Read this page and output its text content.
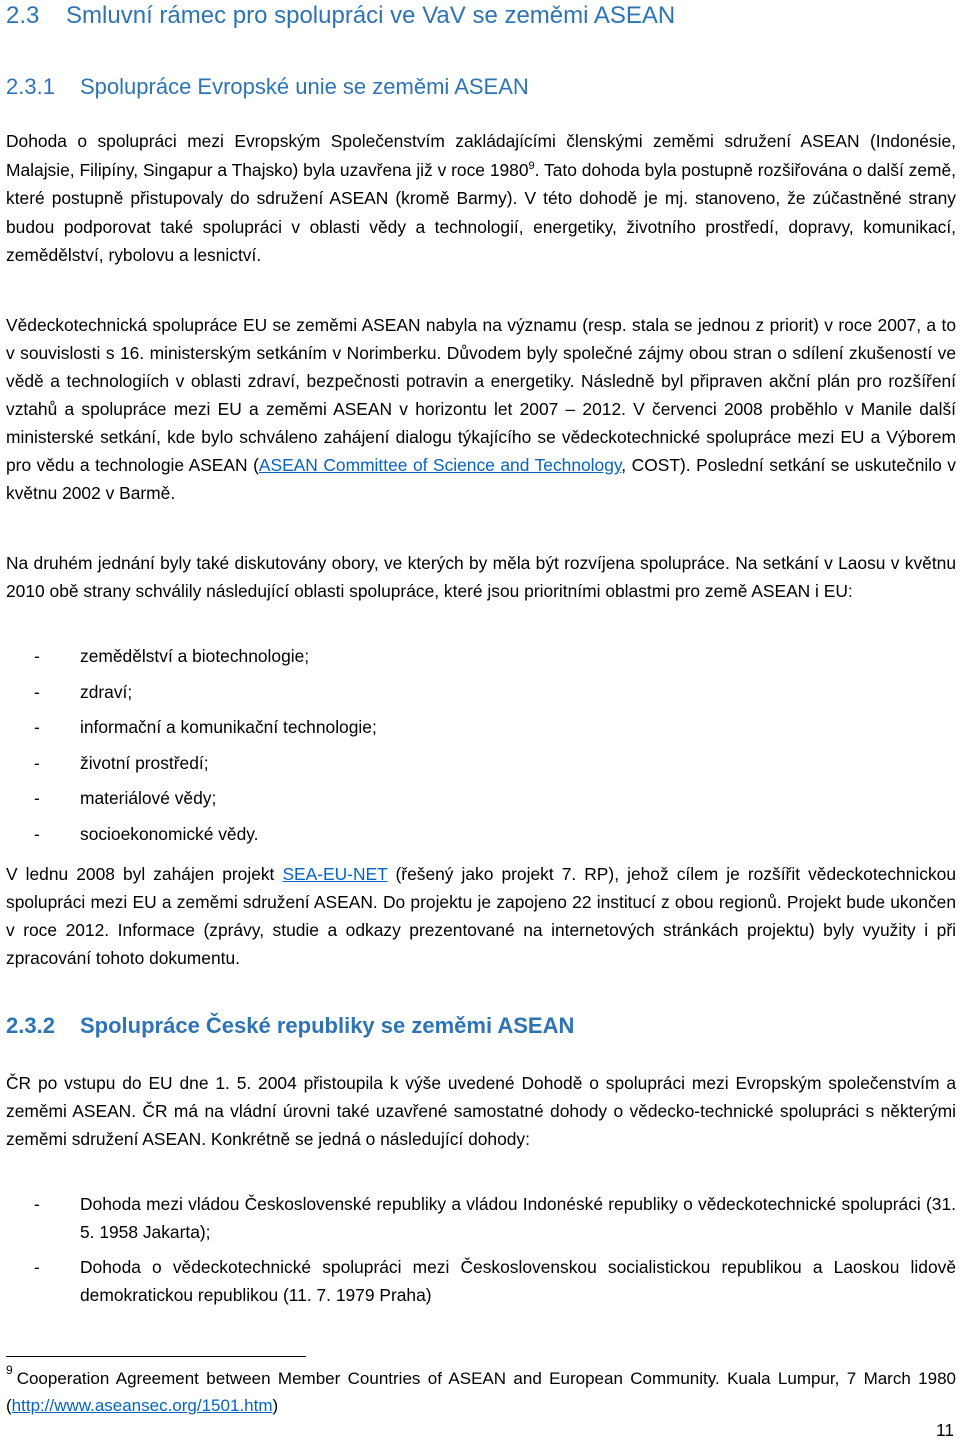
2.3 Smluvní rámec pro spolupráci ve VaV se zeměmi ASEAN
2.3.1 Spolupráce Evropské unie se zeměmi ASEAN

Dohoda o spolupráci mezi Evropským Společenstvím zakládajícími členskými zeměmi sdružení ASEAN (Indonésie, Malajsie, Filipíny, Singapur a Thajsko) byla uzavřena již v roce 1980$^9$. Tato dohoda byla postupně rozšiřována o další země, které postupně přistupovaly do sdružení ASEAN (kromě Barmy). V této dohodě je mj. stanoveno, že zúčastněné strany budou podporovat také spolupráci v oblasti vědy a technologií, energetiky, životního prostředí, dopravy, komunikací, zemědělství, rybolovu a lesnictví.

Vědeckotechnická spolupráce EU se zeměmi ASEAN nabyla na významu (resp. stala se jednou z priorit) v roce 2007, a to v souvislosti s 16. ministerským setkáním v Norimberku. Důvodem byly společné zájmy obou stran o sdílení zkušeností ve vědě a technologiích v oblasti zdraví, bezpečnosti potravin a energetiky. Následně byl připraven akční plán pro rozšíření vztahů a spolupráce mezi EU a zeměmi ASEAN v horizontu let 2007 – 2012. V červenci 2008 proběhlo v Manile další ministerské setkání, kde bylo schváleno zahájení dialogu týkajícího se vědeckotechnické spolupráce mezi EU a Výborem pro vědu a technologie ASEAN (ASEAN Committee of Science and Technology, COST). Poslední setkání se uskutečnilo v květnu 2002 v Barmě.

Na druhém jednání byly také diskutovány obory, ve kterých by měla být rozvíjena spolupráce. Na setkání v Laosu v květnu 2010 obě strany schválily následující oblasti spolupráce, které jsou prioritními oblastmi pro země ASEAN i EU:

- zemědělství a biotechnologie;
- zdraví;
- informační a komunikační technologie;
- životní prostředí;
- materiálové vědy;
- socioekonomické vědy.

V lednu 2008 byl zahájen projekt SEA-EU-NET (řešený jako projekt 7. RP), jehož cílem je rozšířit vědeckotechnickou spolupráci mezi EU a zeměmi sdružení ASEAN. Do projektu je zapojeno 22 institucí z obou regionů. Projekt bude ukončen v roce 2012. Informace (zprávy, studie a odkazy prezentované na internetových stránkách projektu) byly využity i při zpracování tohoto dokumentu.

2.3.2 Spolupráce České republiky se zeměmi ASEAN

ČR po vstupu do EU dne 1. 5. 2004 přistoupila k výše uvedené Dohodě o spolupráci mezi Evropským společenstvím a zeměmi ASEAN. ČR má na vládní úrovni také uzavřené samostatné dohody o vědecko-technické spolupráci s některými zeměmi sdružení ASEAN. Konkrétně se jedná o následující dohody:

- Dohoda mezi vládou Československé republiky a vládou Indonéské republiky o vědeckotechnické spolupráci (31. 5. 1958 Jakarta);
- Dohoda o vědeckotechnické spolupráci mezi Československou socialistickou republikou a Laoskou lidově demokratickou republikou (11. 7. 1979 Praha)

$^9$ Cooperation Agreement between Member Countries of ASEAN and European Community. Kuala Lumpur, 7 March 1980 (http://www.aseansec.org/1501.htm)

11
